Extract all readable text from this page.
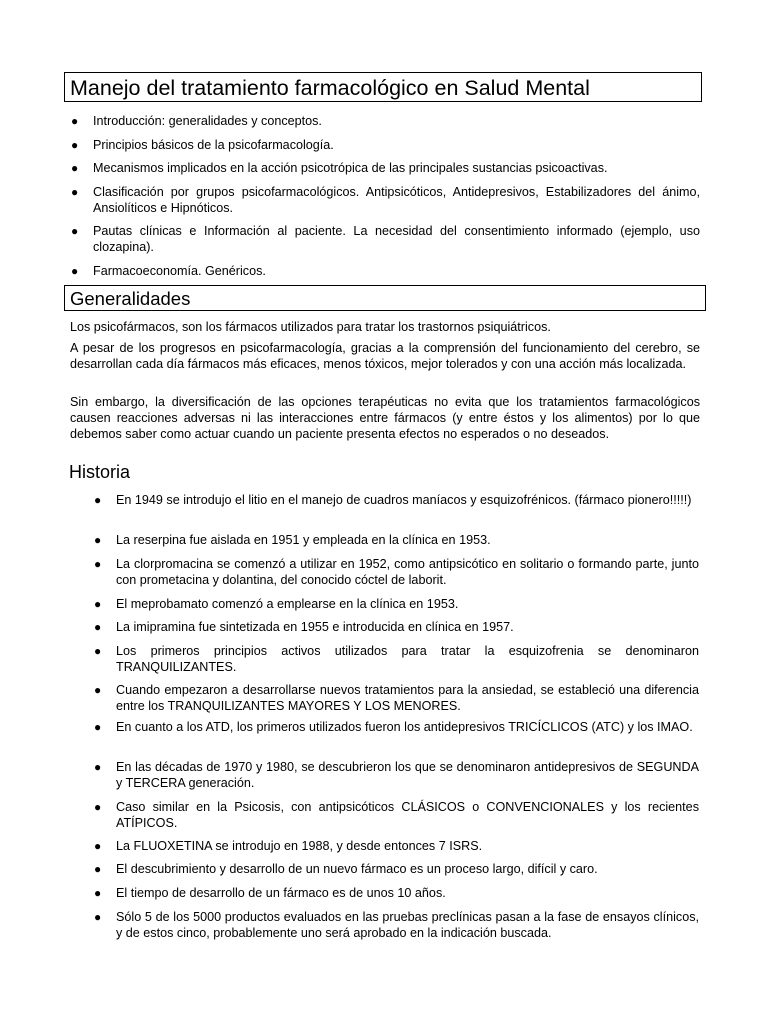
Manejo del tratamiento farmacológico en Salud Mental
● Introducción: generalidades y conceptos.
● Principios básicos de la psicofarmacología.
● Mecanismos implicados en la acción psicotrópica de las principales sustancias psicoactivas.
● Clasificación por grupos psicofarmacológicos. Antipsicóticos, Antidepresivos, Estabilizadores del ánimo, Ansiolíticos e Hipnóticos.
● Pautas clínicas e Información al paciente. La necesidad del consentimiento informado (ejemplo, uso clozapina).
● Farmacoeconomía. Genéricos.
Generalidades

Los psicofármacos, son los fármacos utilizados para tratar los trastornos psiquiátricos.

A pesar de los progresos en psicofarmacología, gracias a la comprensión del funcionamiento del cerebro, se desarrollan cada día fármacos más eficaces, menos tóxicos, mejor tolerados y con una acción más localizada.

Sin embargo, la diversificación de las opciones terapéuticas no evita que los tratamientos farmacológicos causen reacciones adversas ni las interacciones entre fármacos (y entre éstos y los alimentos) por lo que debemos saber como actuar cuando un paciente presenta efectos no esperados o no deseados.

Historia
● En 1949 se introdujo el litio en el manejo de cuadros maníacos y esquizofrénicos. (fármaco pionero!!!!!)
● La reserpina fue aislada en 1951 y empleada en la clínica en 1953.
● La clorpromacina se comenzó a utilizar en 1952, como antipsicótico en solitario o formando parte, junto con prometacina y dolantina, del conocido cóctel de laborit.
● El meprobamato comenzó a emplearse en la clínica en 1953.
● La imipramina fue sintetizada en 1955 e introducida en clínica en 1957.
● Los primeros principios activos utilizados para tratar la esquizofrenia se denominaron TRANQUILIZANTES.
● Cuando empezaron a desarrollarse nuevos tratamientos para la ansiedad, se estableció una diferencia entre los TRANQUILIZANTES MAYORES Y LOS MENORES.
● En cuanto a los ATD, los primeros utilizados fueron los antidepresivos TRICÍCLICOS (ATC) y los IMAO.
● En las décadas de 1970 y 1980, se descubrieron los que se denominaron antidepresivos de SEGUNDA y TERCERA generación.
● Caso similar en la Psicosis, con antipsicóticos CLÁSICOS o CONVENCIONALES y los recientes ATÍPICOS.
● La FLUOXETINA se introdujo en 1988, y desde entonces 7 ISRS.
● El descubrimiento y desarrollo de un nuevo fármaco es un proceso largo, difícil y caro.
● El tiempo de desarrollo de un fármaco es de unos 10 años.
● Sólo 5 de los 5000 productos evaluados en las pruebas preclínicas pasan a la fase de ensayos clínicos, y de estos cinco, probablemente uno será aprobado en la indicación buscada.
